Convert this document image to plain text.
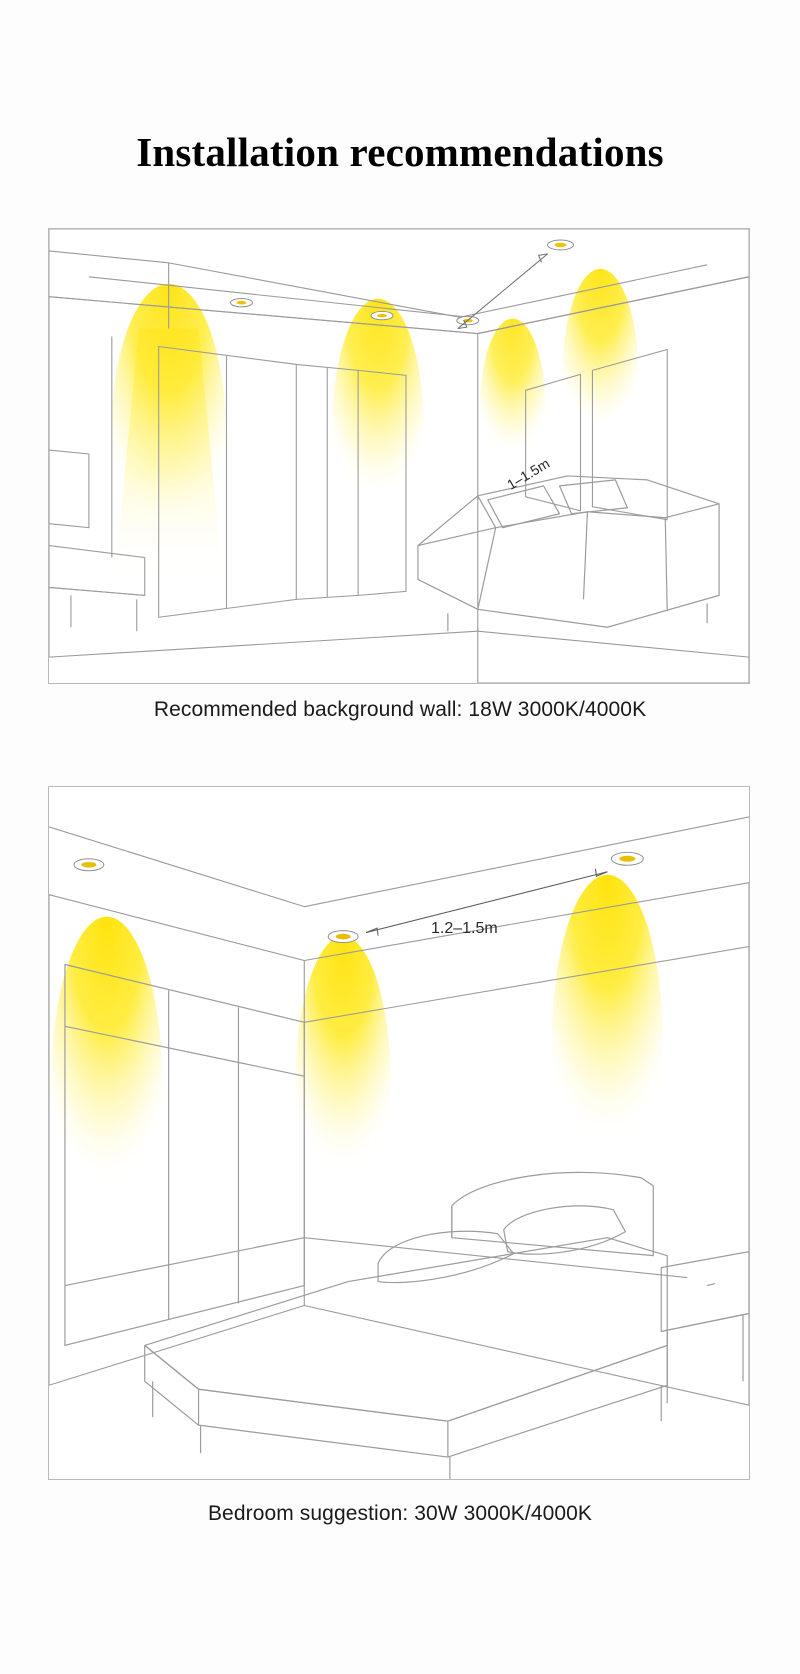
Installation recommendations
1–1.5m
Recommended background wall: 18W 3000K/4000K
1.2–1.5m
Bedroom suggestion: 30W 3000K/4000K
